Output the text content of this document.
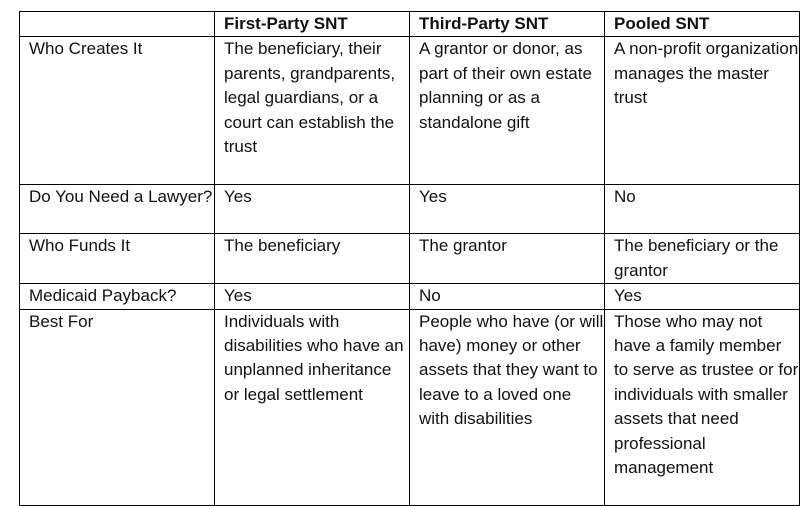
	First-Party SNT	Third-Party SNT	Pooled SNT
Who Creates It	The beneficiary, their parents, grandparents, legal guardians, or a court can establish the trust	A grantor or donor, as part of their own estate planning or as a standalone gift	A non-profit organization manages the master trust
Do You Need a Lawyer?	Yes	Yes	No
Who Funds It	The beneficiary	The grantor	The beneficiary or the grantor
Medicaid Payback?	Yes	No	Yes
Best For	Individuals with disabilities who have an unplanned inheritance or legal settlement	People who have (or will have) money or other assets that they want to leave to a loved one with disabilities	Those who may not have a family member to serve as trustee or for individuals with smaller assets that need professional management
